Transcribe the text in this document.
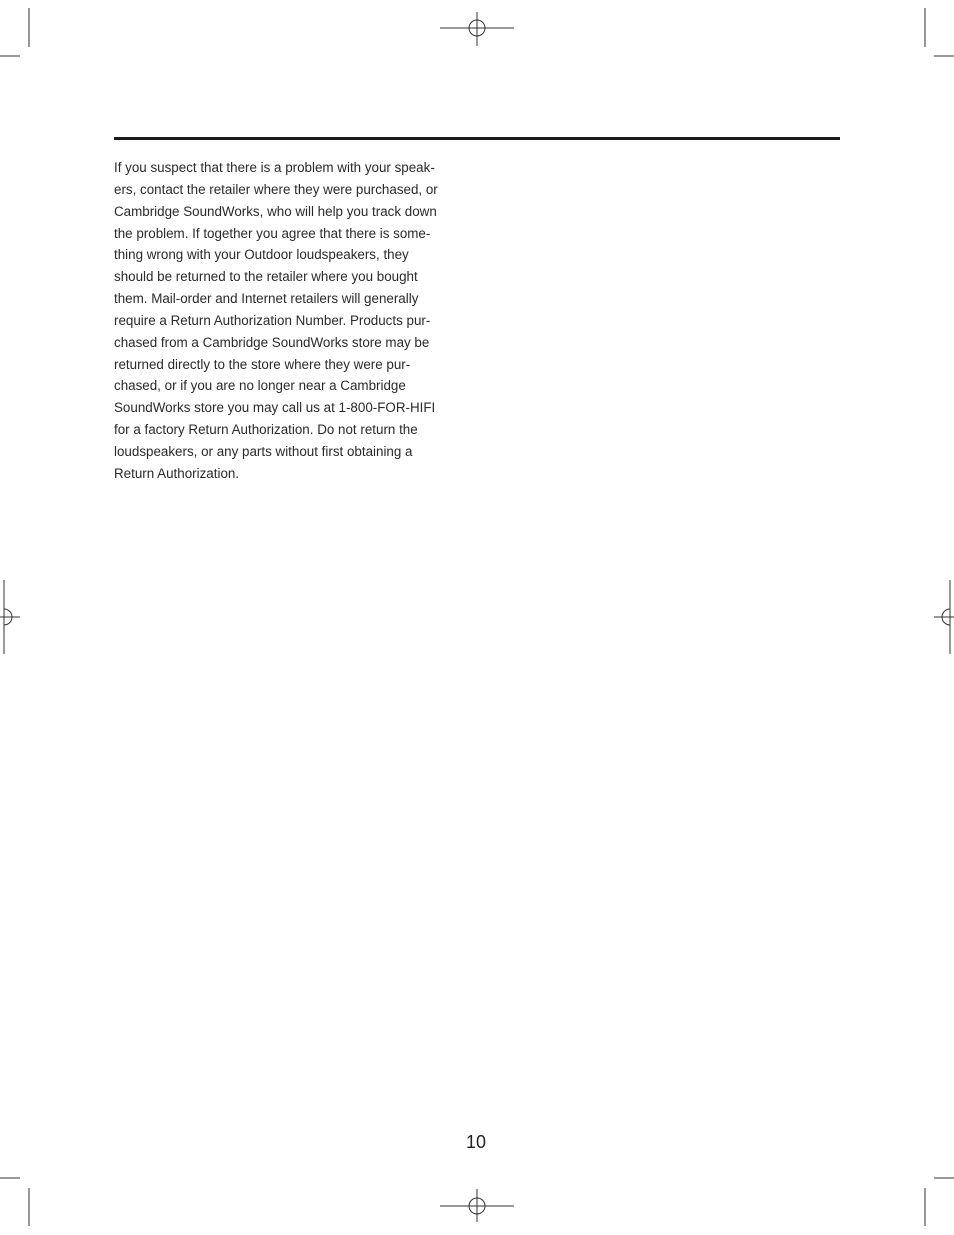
If you suspect that there is a problem with your speak-
ers, contact the retailer where they were purchased, or
Cambridge SoundWorks, who will help you track down
the problem. If together you agree that there is some-
thing wrong with your Outdoor loudspeakers, they
should be returned to the retailer where you bought
them. Mail-order and Internet retailers will generally
require a Return Authorization Number. Products pur-
chased from a Cambridge SoundWorks store may be
returned directly to the store where they were pur-
chased, or if you are no longer near a Cambridge
SoundWorks store you may call us at 1-800-FOR-HIFI
for a factory Return Authorization. Do not return the
loudspeakers, or any parts without first obtaining a
Return Authorization.

10
